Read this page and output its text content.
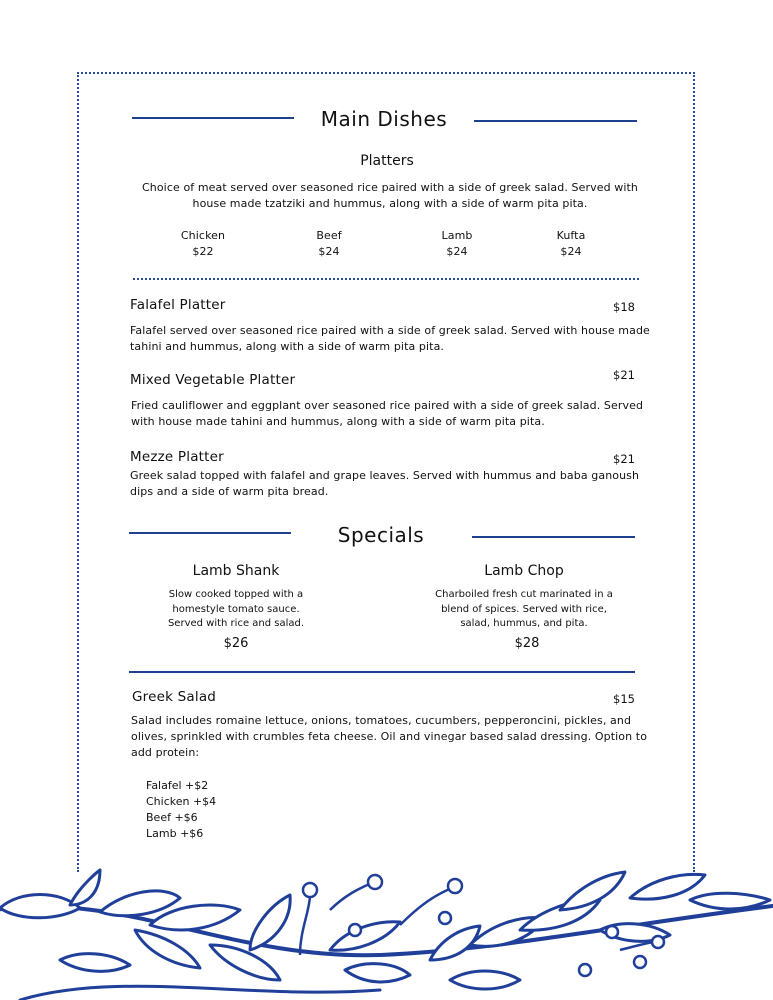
Main Dishes
Platters
Choice of meat served over seasoned rice paired with a side of greek salad. Served with house made tzatziki and hummus, along with a side of warm pita pita.
Chicken
$22
Beef
$24
Lamb
$24
Kufta
$24
Falafel Platter	$18
Falafel served over seasoned rice paired with a side of greek salad. Served with house made tahini and hummus, along with a side of warm pita pita.
Mixed Vegetable Platter	$21
Fried cauliflower and eggplant over seasoned rice paired with a side of greek salad. Served with house made tahini and hummus, along with a side of warm pita pita.
Mezze Platter	$21
Greek salad topped with falafel and grape leaves. Served with hummus and baba ganoush dips and a side of warm pita bread.
Specials
Lamb Shank
Slow cooked topped with a homestyle tomato sauce. Served with rice and salad.
$26
Lamb Chop
Charboiled fresh cut marinated in a blend of spices. Served with rice, salad, hummus, and pita.
$28
Greek Salad	$15
Salad includes romaine lettuce, onions, tomatoes, cucumbers, pepperoncini, pickles, and olives, sprinkled with crumbles feta cheese. Oil and vinegar based salad dressing. Option to add protein:
Falafel +$2
Chicken +$4
Beef +$6
Lamb +$6
